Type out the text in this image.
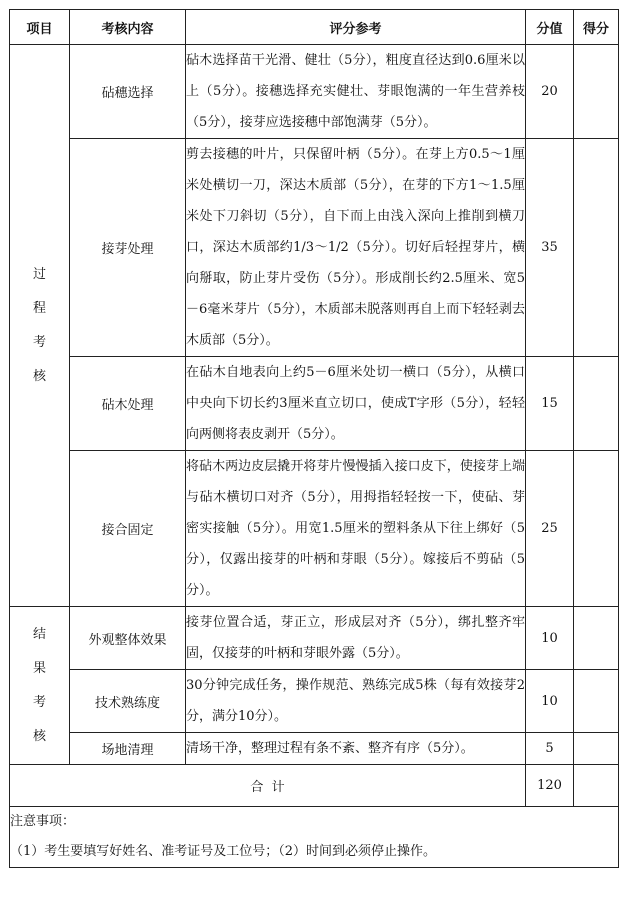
项目	考核内容	评分参考	分值	得分

过
程
考
核	砧穗选择	砧木选择苗干光滑、健壮（5分），粗度直径达到0.6厘米以上（5分）。接穗选择充实健壮、芽眼饱满的一年生营养枝（5分），接芽应选接穗中部饱满芽（5分）。	20	
	接芽处理	剪去接穗的叶片，只保留叶柄（5分）。在芽上方0.5～1厘米处横切一刀，深达木质部（5分），在芽的下方1～1.5厘米处下刀斜切（5分），自下而上由浅入深向上推削到横刀口，深达木质部约1/3～1/2（5分）。切好后轻捏芽片，横向掰取，防止芽片受伤（5分）。形成削长约2.5厘米、宽5－6毫米芽片（5分），木质部未脱落则再自上而下轻轻剥去木质部（5分）。	35	
	砧木处理	在砧木自地表向上约5－6厘米处切一横口（5分），从横口中央向下切长约3厘米直立切口，使成T字形（5分），轻轻向两侧将表皮剥开（5分）。	15	
	接合固定	将砧木两边皮层撬开将芽片慢慢插入接口皮下，使接芽上端与砧木横切口对齐（5分），用拇指轻轻按一下，使砧、芽密实接触（5分）。用宽1.5厘米的塑料条从下往上绑好（5分），仅露出接芽的叶柄和芽眼（5分）。嫁接后不剪砧（5分）。	25	

结
果
考
核	外观整体效果	接芽位置合适，芽正立，形成层对齐（5分），绑扎整齐牢固，仅接芽的叶柄和芽眼外露（5分）。	10	
	技术熟练度	30分钟完成任务，操作规范、熟练完成5株（每有效接芽2分，满分10分）。	10	
	场地清理	清场干净，整理过程有条不紊、整齐有序（5分）。	5	
合  计			120	

注意事项：
（1）考生要填写好姓名、准考证号及工位号；（2）时间到必须停止操作。				
